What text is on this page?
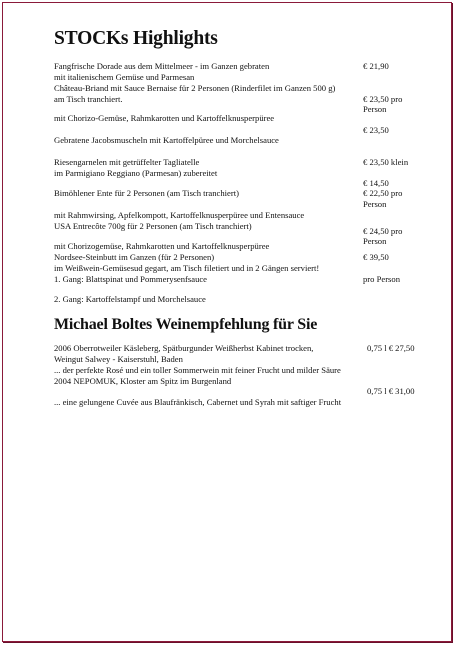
STOCKs Highlights

Fangfrische Dorade aus dem Mittelmeer - im Ganzen gebraten

mit italienischem Gemüse und Parmesan

Château-Briand mit Sauce Bernaise für 2 Personen (Rinderfilet im Ganzen 500 g)

am Tisch tranchiert.

mit Chorizo-Gemüse, Rahmkarotten und Kartoffelknusperpüree

Gebratene Jacobsmuscheln mit Kartoffelpüree und Morchelsauce

Riesengarnelen mit getrüffelter Tagliatelle

im Parmigiano Reggiano (Parmesan) zubereitet

Bimöhlener Ente für 2 Personen (am Tisch tranchiert)

mit Rahmwirsing, Apfelkompott, Kartoffelknusperpüree und Entensauce

USA Entrecôte 700g für 2 Personen (am Tisch tranchiert)

mit Chorizogemüse, Rahmkarotten und Kartoffelknusperpüree

Nordsee-Steinbutt im Ganzen (für 2 Personen)

im Weißwein-Gemüsesud gegart, am Tisch filetiert und in 2 Gängen serviert!

1. Gang: Blattspinat und Pommerysenfsauce

2. Gang: Kartoffelstampf und Morchelsauce

€ 21,90

€ 23,50 pro

Person

€ 23,50

€ 23,50 klein

€ 14,50

€ 22,50 pro

Person

€ 24,50 pro

Person

€ 39,50

pro Person

Michael Boltes Weinempfehlung für Sie

2006 Oberrotweiler Käsleberg, Spätburgunder Weißherbst Kabinet trocken,

Weingut Salwey - Kaiserstuhl, Baden

... der perfekte Rosé und ein toller Sommerwein mit feiner Frucht und milder Säure

2004 NEPOMUK, Kloster am Spitz im Burgenland

... eine gelungene Cuvée aus Blaufränkisch, Cabernet und Syrah mit saftiger Frucht

0,75 l € 27,50

0,75 l € 31,00
